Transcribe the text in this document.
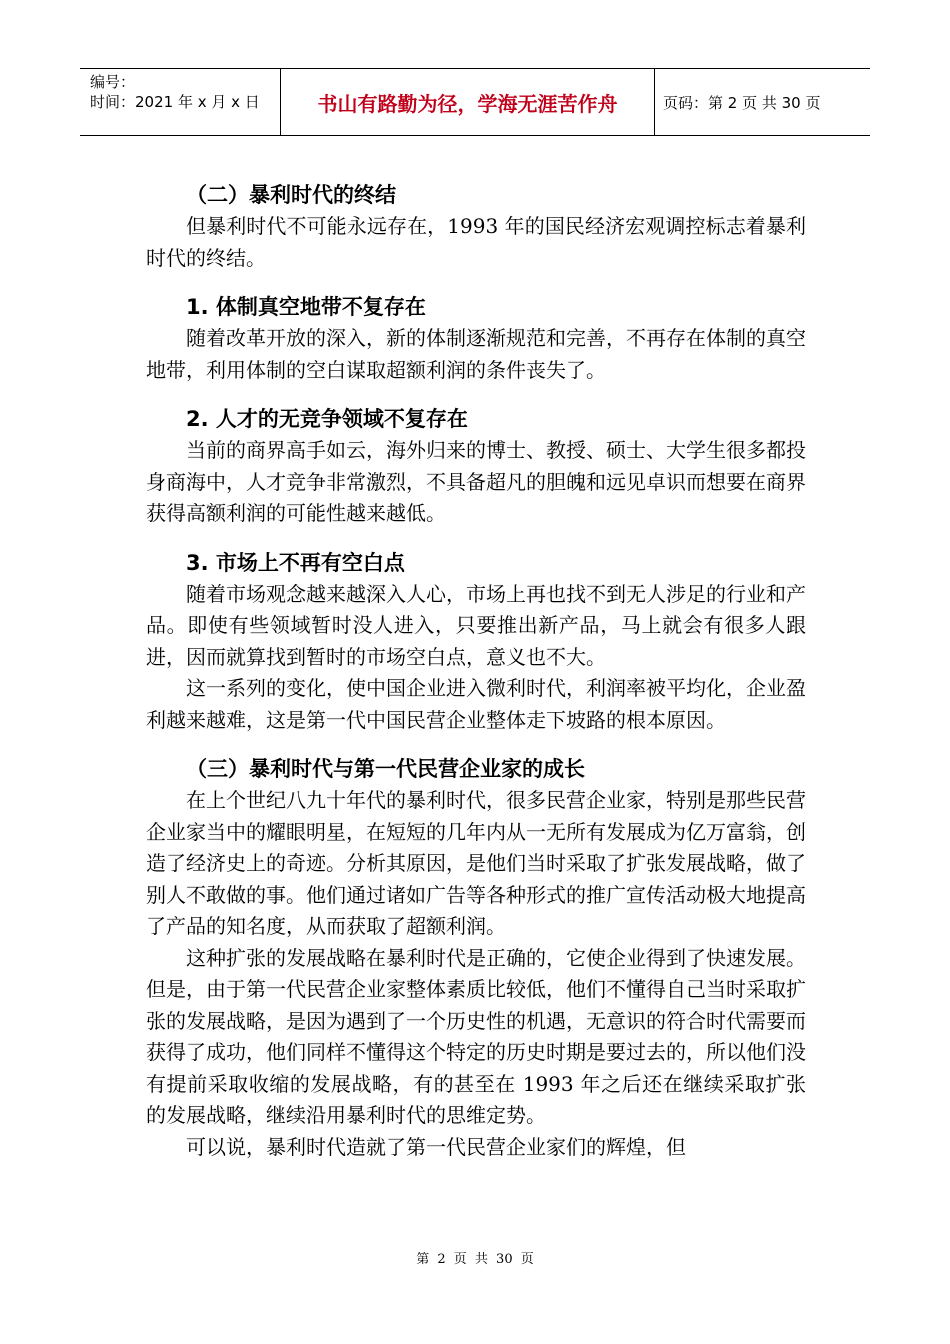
编号：
时间：2021 年 x 月 x 日	书山有路勤为径，学海无涯苦作舟	页码：第 2 页 共 30 页
（二）暴利时代的终结

但暴利时代不可能永远存在，1993 年的国民经济宏观调控标志着暴利时代的终结。

1. 体制真空地带不复存在

随着改革开放的深入，新的体制逐渐规范和完善，不再存在体制的真空地带，利用体制的空白谋取超额利润的条件丧失了。

2. 人才的无竞争领域不复存在

当前的商界高手如云，海外归来的博士、教授、硕士、大学生很多都投身商海中，人才竞争非常激烈，不具备超凡的胆魄和远见卓识而想要在商界获得高额利润的可能性越来越低。

3. 市场上不再有空白点

随着市场观念越来越深入人心，市场上再也找不到无人涉足的行业和产品。即使有些领域暂时没人进入，只要推出新产品，马上就会有很多人跟进，因而就算找到暂时的市场空白点，意义也不大。

这一系列的变化，使中国企业进入微利时代，利润率被平均化，企业盈利越来越难，这是第一代中国民营企业整体走下坡路的根本原因。

（三）暴利时代与第一代民营企业家的成长

在上个世纪八九十年代的暴利时代，很多民营企业家，特别是那些民营企业家当中的耀眼明星，在短短的几年内从一无所有发展成为亿万富翁，创造了经济史上的奇迹。分析其原因，是他们当时采取了扩张发展战略，做了别人不敢做的事。他们通过诸如广告等各种形式的推广宣传活动极大地提高了产品的知名度，从而获取了超额利润。

这种扩张的发展战略在暴利时代是正确的，它使企业得到了快速发展。但是，由于第一代民营企业家整体素质比较低，他们不懂得自己当时采取扩张的发展战略，是因为遇到了一个历史性的机遇，无意识的符合时代需要而获得了成功，他们同样不懂得这个特定的历史时期是要过去的，所以他们没有提前采取收缩的发展战略，有的甚至在 1993 年之后还在继续采取扩张的发展战略，继续沿用暴利时代的思维定势。

可以说，暴利时代造就了第一代民营企业家们的辉煌，但

第 2 页 共 30 页
